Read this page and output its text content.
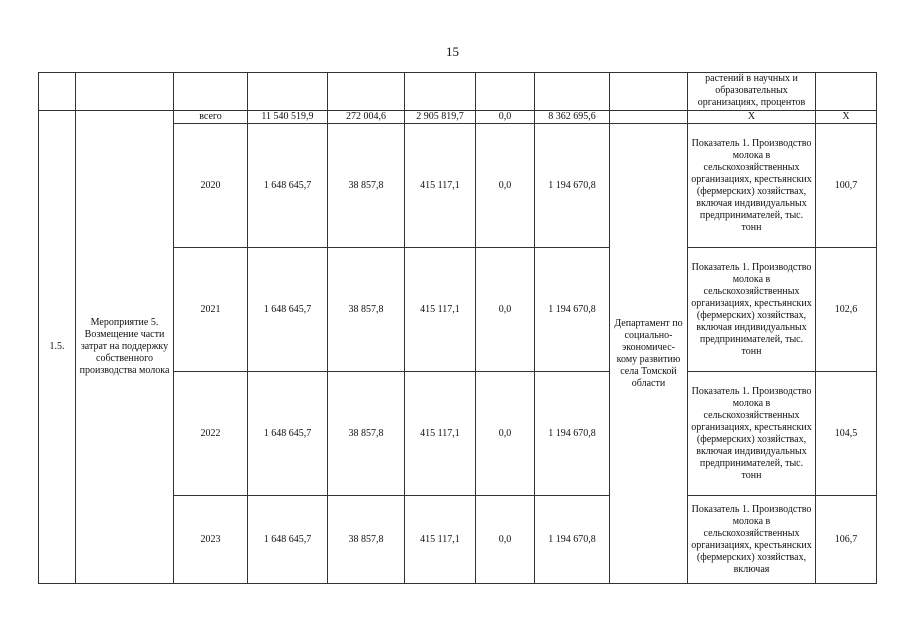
15
									растений в научных и образовательных организациях, процентов	
1.5.	Мероприятие 5. Возмещение части затрат на поддержку собственного производства молока	всего	11 540 519,9	272 004,6	2 905 819,7	0,0	8 362 695,6		Х	Х
		2020	1 648 645,7	38 857,8	415 117,1	0,0	1 194 670,8	Департамент по социально-экономичес-кому развитию села Томской области	Показатель 1. Производство молока в сельскохозяйственных организациях, крестьянских (фермерских) хозяйствах, включая индивидуальных предпринимателей, тыс. тонн	100,7
		2021	1 648 645,7	38 857,8	415 117,1	0,0	1 194 670,8		Показатель 1. Производство молока в сельскохозяйственных организациях, крестьянских (фермерских) хозяйствах, включая индивидуальных предпринимателей, тыс. тонн	102,6
		2022	1 648 645,7	38 857,8	415 117,1	0,0	1 194 670,8		Показатель 1. Производство молока в сельскохозяйственных организациях, крестьянских (фермерских) хозяйствах, включая индивидуальных предпринимателей, тыс. тонн	104,5
		2023	1 648 645,7	38 857,8	415 117,1	0,0	1 194 670,8		Показатель 1. Производство молока в сельскохозяйственных организациях, крестьянских (фермерских) хозяйствах, включая	106,7
